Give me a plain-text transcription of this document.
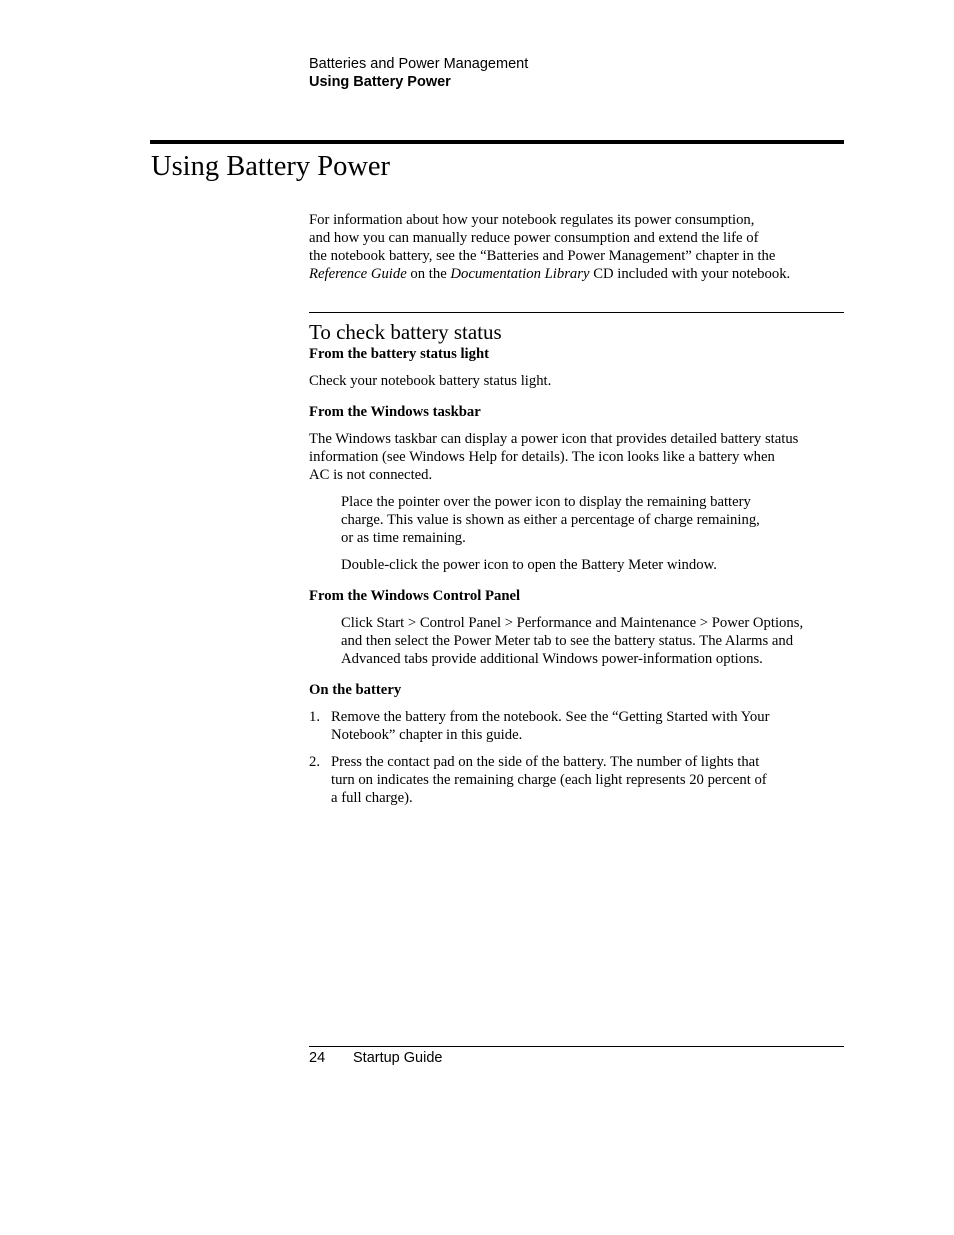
Batteries and Power Management
Using Battery Power
Using Battery Power

For information about how your notebook regulates its power consumption,
and how you can manually reduce power consumption and extend the life of
the notebook battery, see the “Batteries and Power Management” chapter in the
Reference Guide on the Documentation Library CD included with your notebook.

To check battery status

From the battery status light

Check your notebook battery status light.

From the Windows taskbar

The Windows taskbar can display a power icon that provides detailed battery status
information (see Windows Help for details). The icon looks like a battery when
AC is not connected.

Place the pointer over the power icon to display the remaining battery
charge. This value is shown as either a percentage of charge remaining,
or as time remaining.

Double-click the power icon to open the Battery Meter window.

From the Windows Control Panel

Click Start > Control Panel > Performance and Maintenance > Power Options,
and then select the Power Meter tab to see the battery status. The Alarms and
Advanced tabs provide additional Windows power-information options.

On the battery

1. Remove the battery from the notebook. See the “Getting Started with Your
Notebook” chapter in this guide.
2. Press the contact pad on the side of the battery. The number of lights that
turn on indicates the remaining charge (each light represents 20 percent of
a full charge).
24 Startup Guide
